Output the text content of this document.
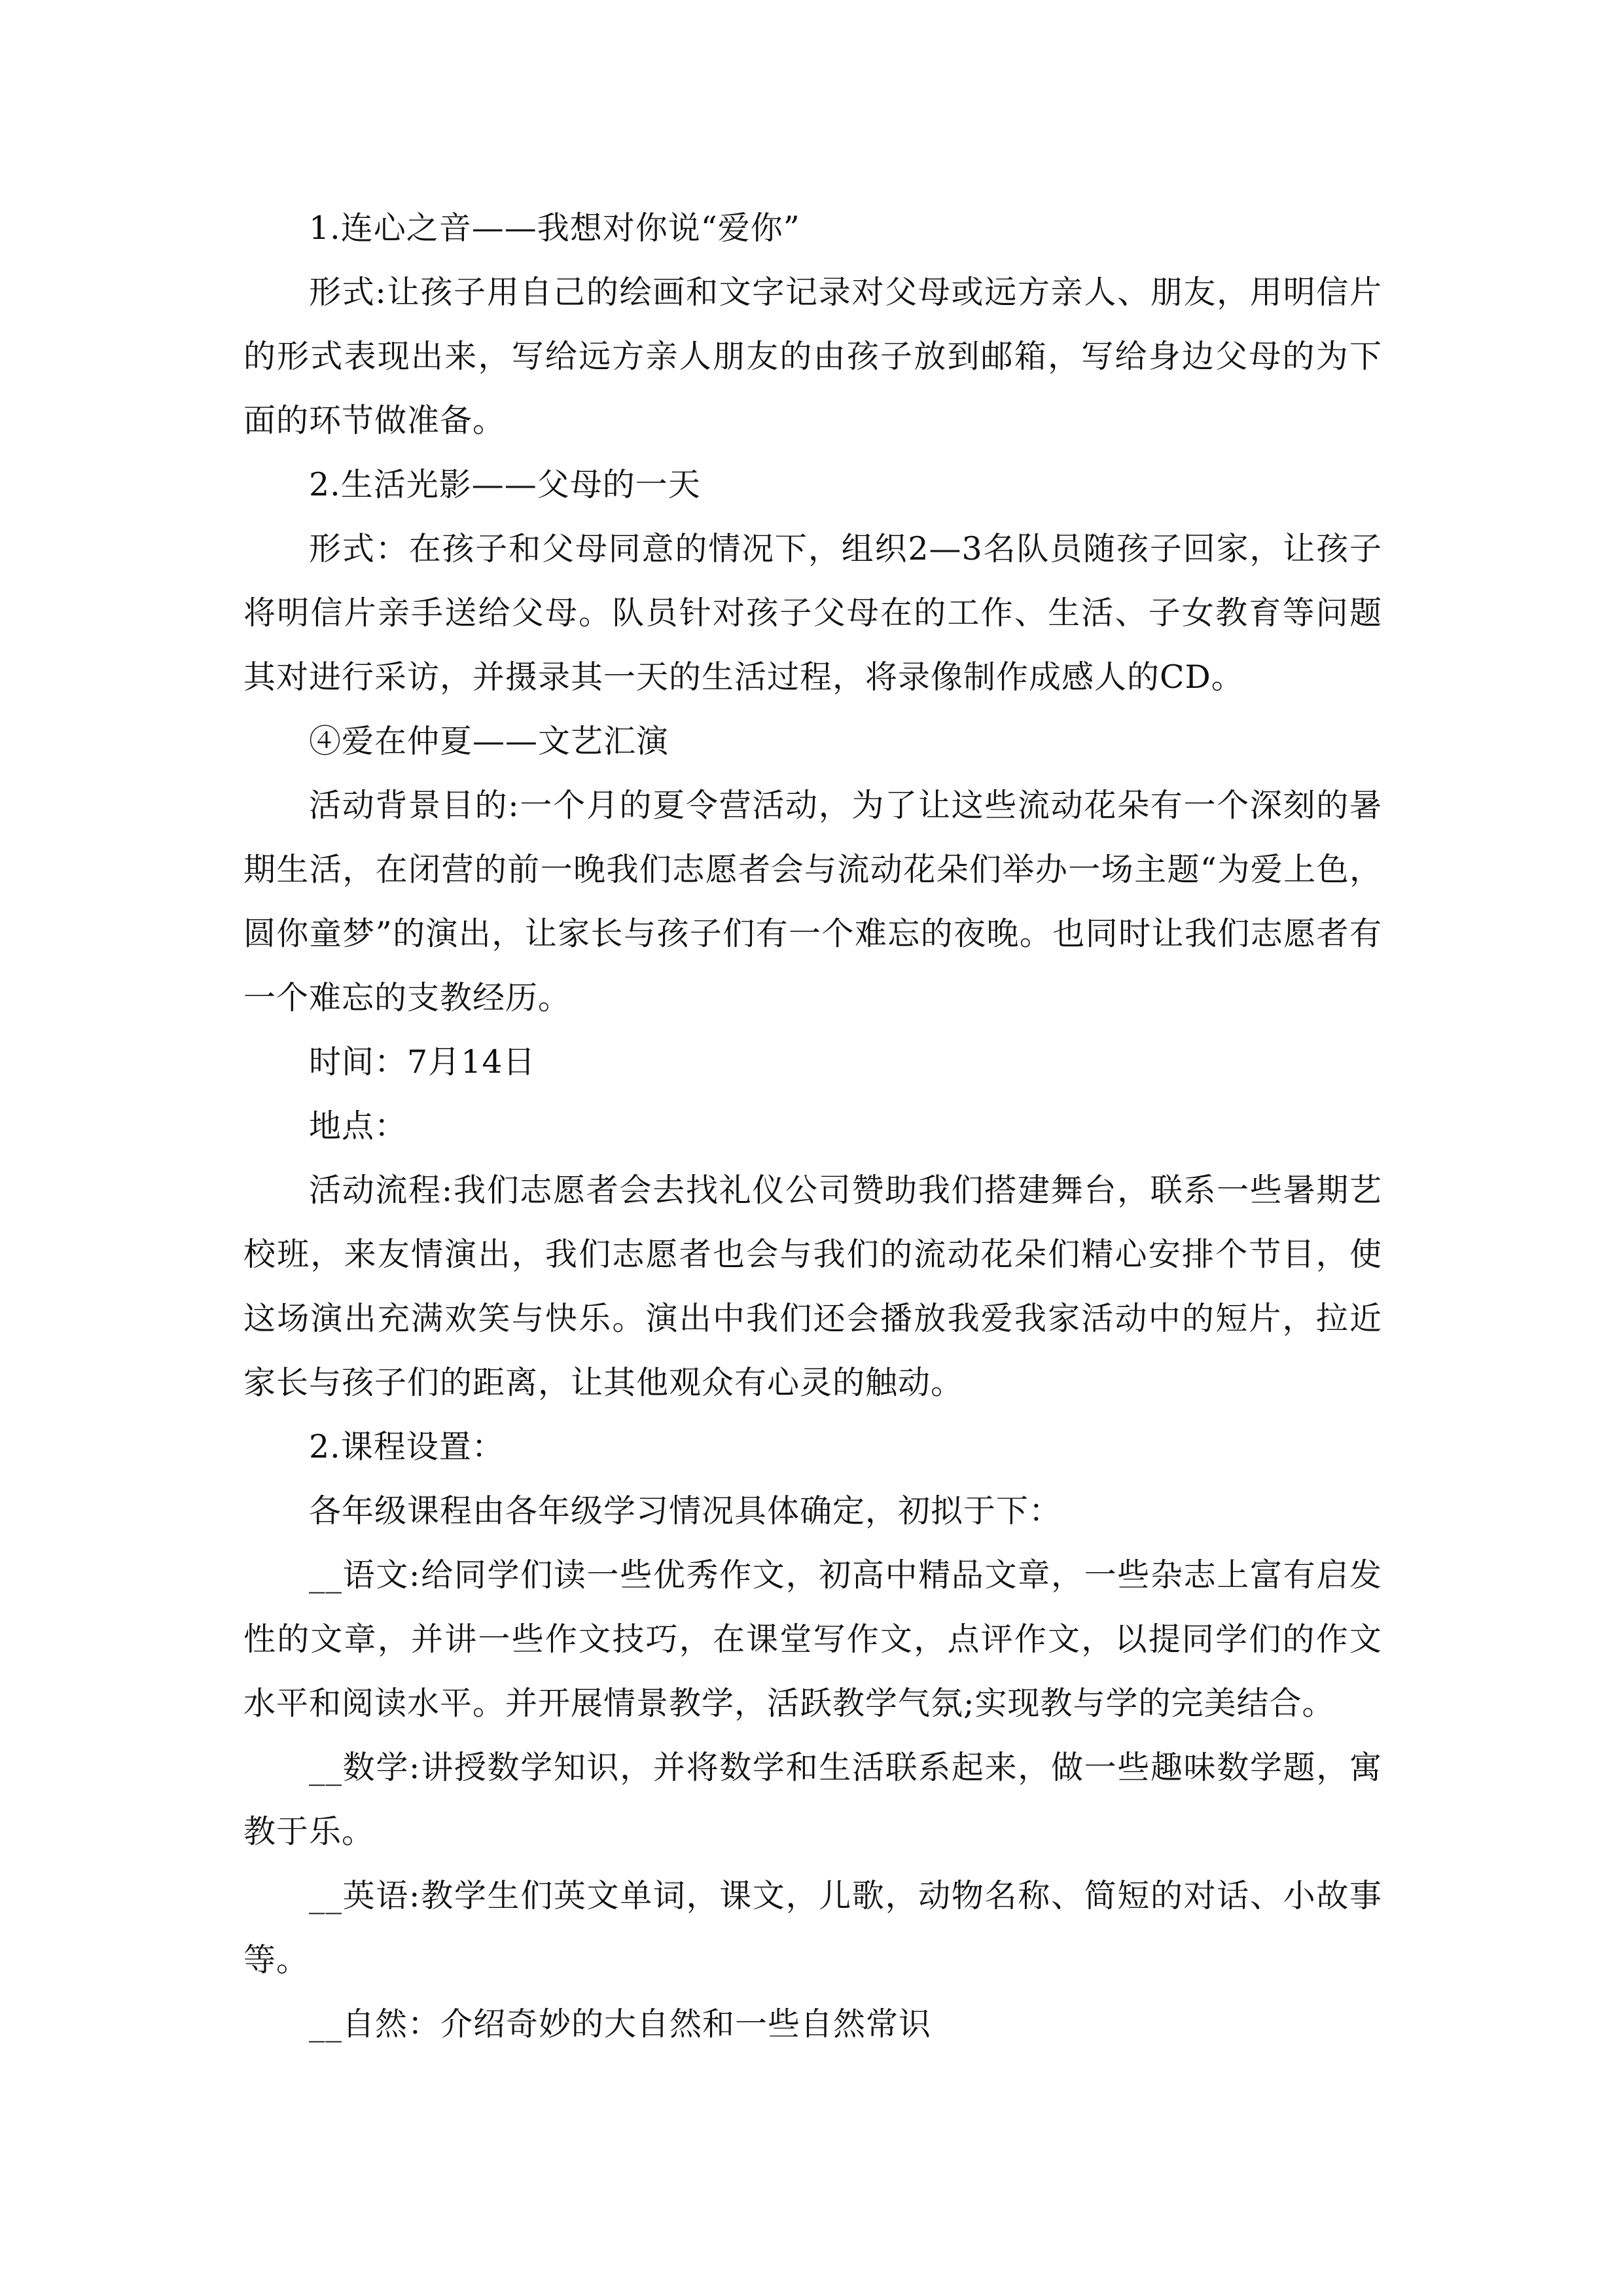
1.连心之音——我想对你说“爱你”

形式:让孩子用自己的绘画和文字记录对父母或远方亲人、朋友，用明信片的形式表现出来，写给远方亲人朋友的由孩子放到邮箱，写给身边父母的为下面的环节做准备。

2.生活光影——父母的一天

形式：在孩子和父母同意的情况下，组织2—3名队员随孩子回家，让孩子将明信片亲手送给父母。队员针对孩子父母在的工作、生活、子女教育等问题其对进行采访，并摄录其一天的生活过程，将录像制作成感人的CD。

④爱在仲夏——文艺汇演

活动背景目的:一个月的夏令营活动，为了让这些流动花朵有一个深刻的暑期生活，在闭营的前一晚我们志愿者会与流动花朵们举办一场主题“为爱上色，圆你童梦”的演出，让家长与孩子们有一个难忘的夜晚。也同时让我们志愿者有一个难忘的支教经历。

时间：7月14日

地点：

活动流程:我们志愿者会去找礼仪公司赞助我们搭建舞台，联系一些暑期艺校班，来友情演出，我们志愿者也会与我们的流动花朵们精心安排个节目，使这场演出充满欢笑与快乐。演出中我们还会播放我爱我家活动中的短片，拉近家长与孩子们的距离，让其他观众有心灵的触动。

2.课程设置：

各年级课程由各年级学习情况具体确定，初拟于下：

__语文:给同学们读一些优秀作文，初高中精品文章，一些杂志上富有启发性的文章，并讲一些作文技巧，在课堂写作文，点评作文，以提同学们的作文水平和阅读水平。并开展情景教学，活跃教学气氛;实现教与学的完美结合。

__数学:讲授数学知识，并将数学和生活联系起来，做一些趣味数学题，寓教于乐。

__英语:教学生们英文单词，课文，儿歌，动物名称、简短的对话、小故事等。

__自然：介绍奇妙的大自然和一些自然常识
